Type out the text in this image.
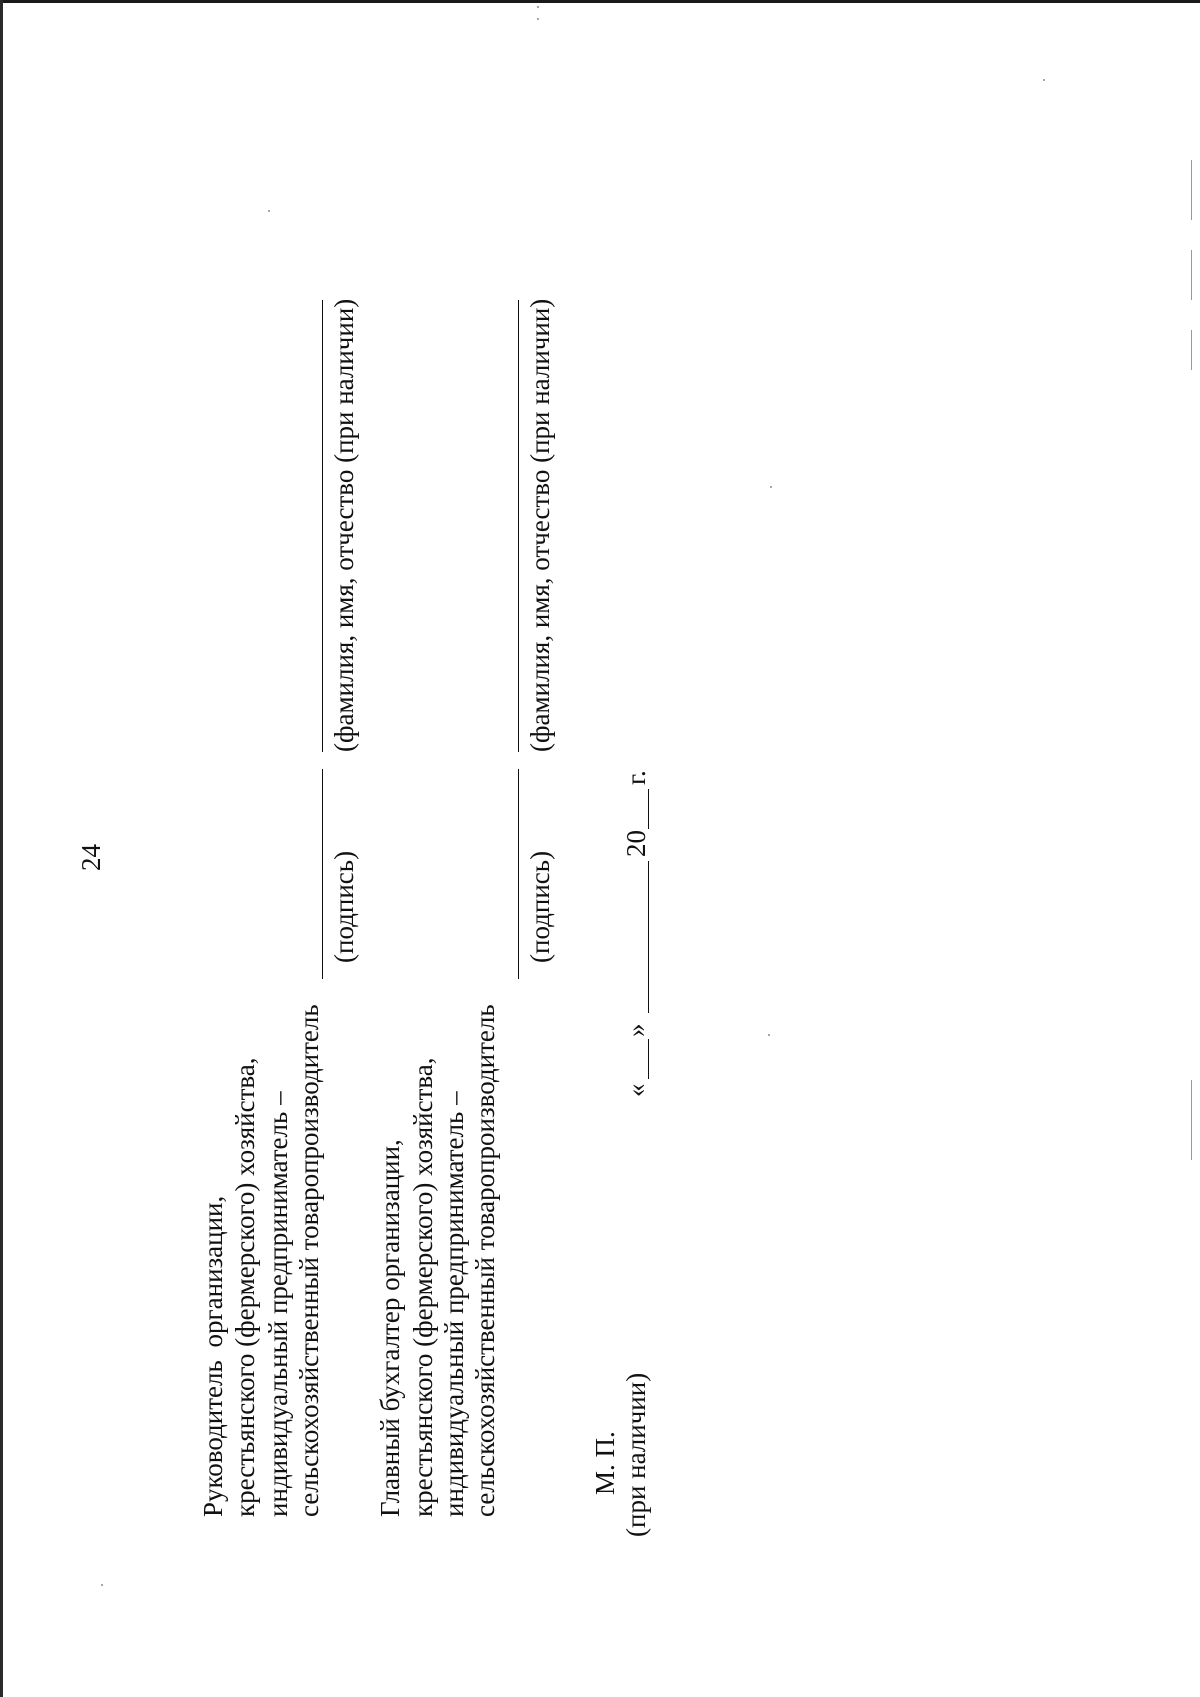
24
Руководитель организации, крестьянского (фермерского) хозяйства, индивидуальный предприниматель – сельскохозяйственный товаропроизводитель
(подпись)
(фамилия, имя, отчество (при наличии)
Главный бухгалтер организации, крестьянского (фермерского) хозяйства, индивидуальный предприниматель – сельскохозяйственный товаропроизводитель
(подпись)
(фамилия, имя, отчество (при наличии)
М. П. (при наличии)
«
»
20
г.
